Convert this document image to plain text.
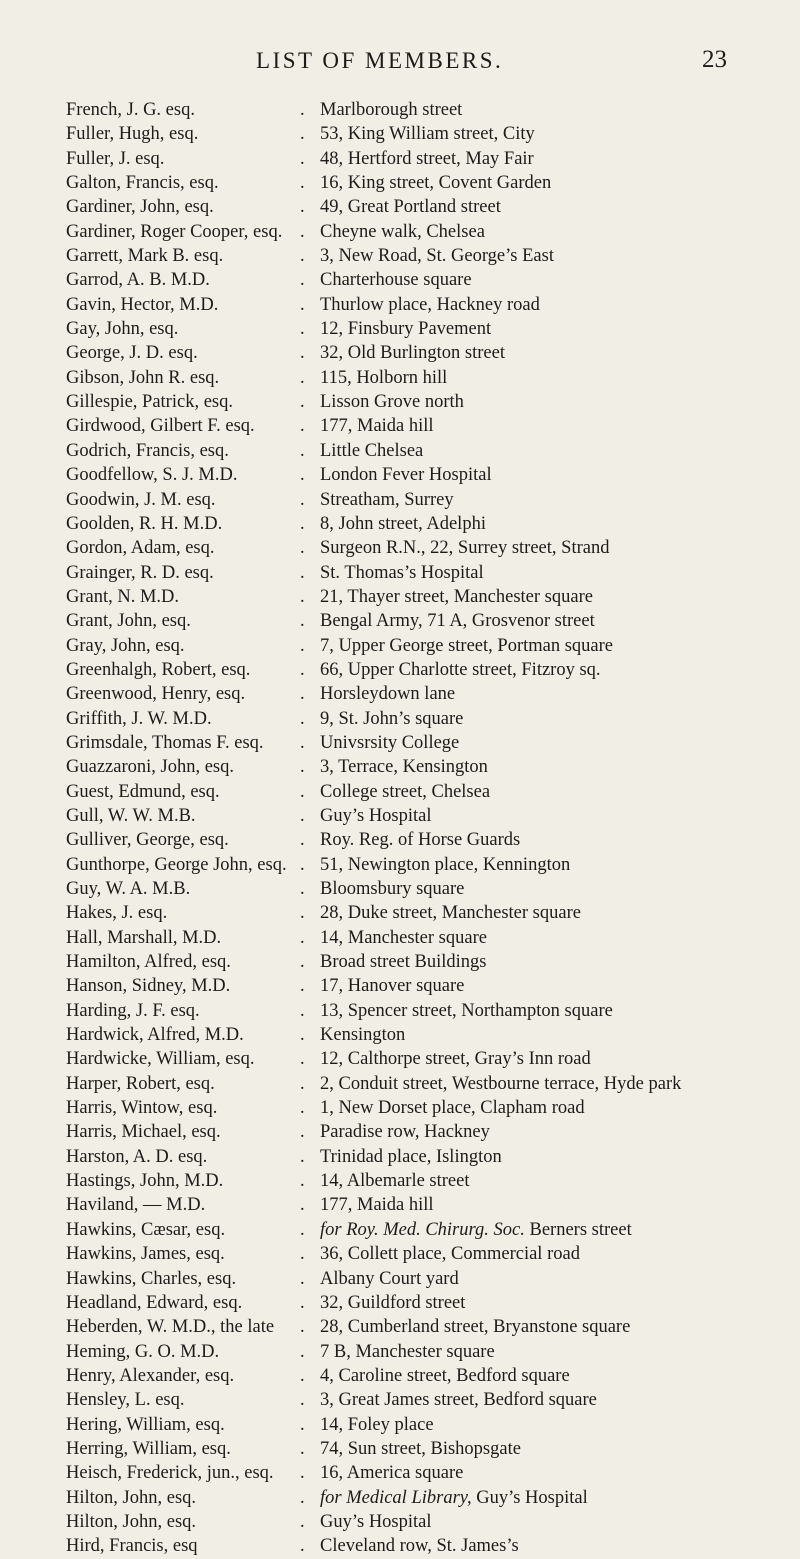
LIST OF MEMBERS.	23
French, J. G. esq.	. Marlborough street
Fuller, Hugh, esq.	. 53, King William street, City
Fuller, J. esq.	. 48, Hertford street, May Fair
Galton, Francis, esq.	. 16, King street, Covent Garden
Gardiner, John, esq.	. 49, Great Portland street
Gardiner, Roger Cooper, esq. . Cheyne walk, Chelsea
Garrett, Mark B. esq.	. 3, New Road, St. George’s East
Garrod, A. B. M.D.	. Charterhouse square
Gavin, Hector, M.D.	. Thurlow place, Hackney road
Gay, John, esq.	. 12, Finsbury Pavement
George, J. D. esq.	. 32, Old Burlington street
Gibson, John R. esq.	. 115, Holborn hill
Gillespie, Patrick, esq.	. Lisson Grove north
Girdwood, Gilbert F. esq. . 177, Maida hill
Godrich, Francis, esq.	. Little Chelsea
Goodfellow, S. J. M.D.	. London Fever Hospital
Goodwin, J. M. esq.	. Streatham, Surrey
Goolden, R. H. M.D.	. 8, John street, Adelphi
Gordon, Adam, esq.	. Surgeon R.N., 22, Surrey street, Strand
Grainger, R. D. esq.	. St. Thomas’s Hospital
Grant, N. M.D.	. 21, Thayer street, Manchester square
Grant, John, esq.	. Bengal Army, 71 A, Grosvenor street
Gray, John, esq.	. 7, Upper George street, Portman square
Greenhalgh, Robert, esq.	. 66, Upper Charlotte street, Fitzroy sq.
Greenwood, Henry, esq.	. Horsleydown lane
Griffith, J. W. M.D.	. 9, St. John’s square
Grimsdale, Thomas F. esq. . Univsrsity College
Guazzaroni, John, esq.	. 3, Terrace, Kensington
Guest, Edmund, esq.	. College street, Chelsea
Gull, W. W. M.B.	. Guy’s Hospital
Gulliver, George, esq.	. Roy. Reg. of Horse Guards
Gunthorpe, George John, esq. . 51, Newington place, Kennington
Guy, W. A. M.B.	. Bloomsbury square
Hakes, J. esq.	. 28, Duke street, Manchester square
Hall, Marshall, M.D.	. 14, Manchester square
Hamilton, Alfred, esq.	. Broad street Buildings
Hanson, Sidney, M.D.	. 17, Hanover square
Harding, J. F. esq.	. 13, Spencer street, Northampton square
Hardwick, Alfred, M.D.	. Kensington
Hardwicke, William, esq. . 12, Calthorpe street, Gray’s Inn road
Harper, Robert, esq.	. 2, Conduit street, Westbourne terrace, Hyde park
Harris, Wintow, esq.	. 1, New Dorset place, Clapham road
Harris, Michael, esq.	. Paradise row, Hackney
Harston, A. D. esq.	. Trinidad place, Islington
Hastings, John, M.D.	. 14, Albemarle street
Haviland, — M.D.	. 177, Maida hill
Hawkins, Cæsar, esq.	. for Roy. Med. Chirurg. Soc. Berners street
Hawkins, James, esq.	. 36, Collett place, Commercial road
Hawkins, Charles, esq.	. Albany Court yard
Headland, Edward, esq.	. 32, Guildford street
Heberden, W. M.D., the late . 28, Cumberland street, Bryanstone square
Heming, G. O. M.D.	. 7 B, Manchester square
Henry, Alexander, esq.	. 4, Caroline street, Bedford square
Hensley, L. esq.	. 3, Great James street, Bedford square
Hering, William, esq.	. 14, Foley place
Herring, William, esq.	. 74, Sun street, Bishopsgate
Heisch, Frederick, jun., esq. . 16, America square
Hilton, John, esq.	. for Medical Library, Guy’s Hospital
Hilton, John, esq.	. Guy’s Hospital
Hird, Francis, esq	. Cleveland row, St. James’s
